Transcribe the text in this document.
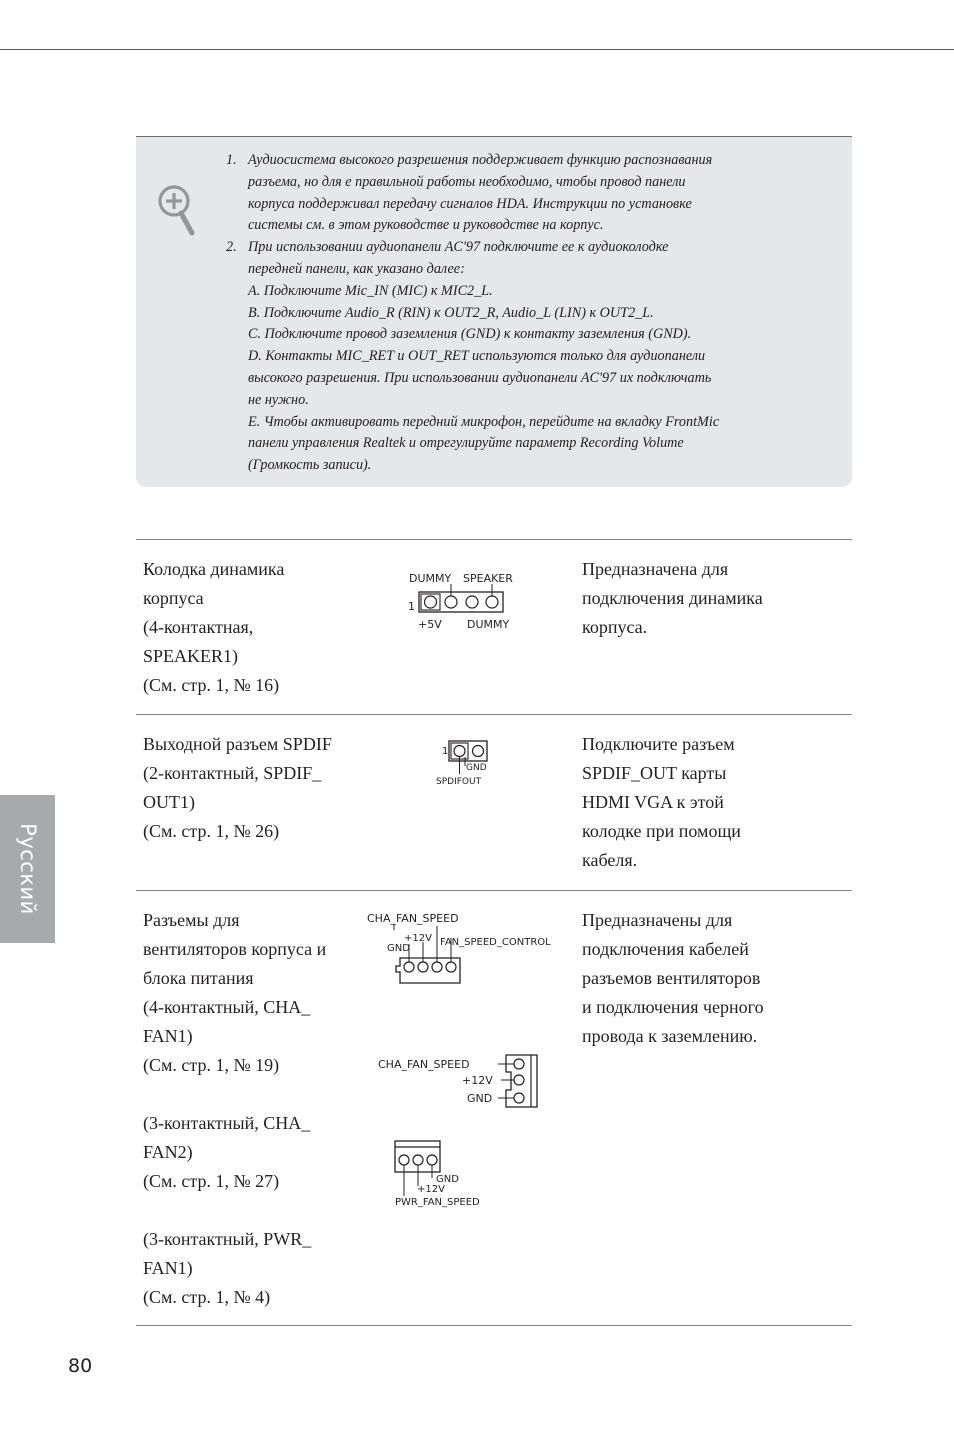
1. Аудиосистема высокого разрешения поддерживает функцию распознавания
разъема, но для е правильной работы необходимо, чтобы провод панели
корпуса поддерживал передачу сигналов HDA. Инструкции по установке
системы см. в этом руководстве и руководстве на корпус.
2. При использовании аудиопанели AC'97 подключите ее к аудиоколодке
передней панели, как указано далее:
A. Подключите Mic_IN (MIC) к MIC2_L.
B. Подключите Audio_R (RIN) к OUT2_R, Audio_L (LIN) к OUT2_L.
C. Подключите провод заземления (GND) к контакту заземления (GND).
D. Контакты MIC_RET и OUT_RET используются только для аудиопанели
высокого разрешения. При использовании аудиопанели AC'97 их подключать
не нужно.
E. Чтобы активировать передний микрофон, перейдите на вкладку FrontMic
панели управления Realtek и отрегулируйте параметр Recording Volume
(Громкость записи).
Колодка динамика
корпуса
(4-контактная,
SPEAKER1)
(См. стр. 1, № 16)
DUMMY SPEAKER
1
+5V DUMMY
Предназначена для
подключения динамика
корпуса.
Выходной разъем SPDIF
(2-контактный, SPDIF_
OUT1)
(См. стр. 1, № 26)
1
GND
SPDIFOUT
Подключите разъем
SPDIF_OUT карты
HDMI VGA к этой
колодке при помощи
кабеля.
Разъемы для
вентиляторов корпуса и
блока питания
(4-контактный, CHA_
FAN1)
(См. стр. 1, № 19)
(3-контактный, CHA_
FAN2)
(См. стр. 1, № 27)
(3-контактный, PWR_
FAN1)
(См. стр. 1, № 4)
CHA_FAN_SPEED
+12V FAN_SPEED_CONTROL
GND
CHA_FAN_SPEED
+12V
GND
GND
+12V
PWR_FAN_SPEED
Предназначены для
подключения кабелей
разъемов вентиляторов
и подключения черного
провода к заземлению.
Русский
80
